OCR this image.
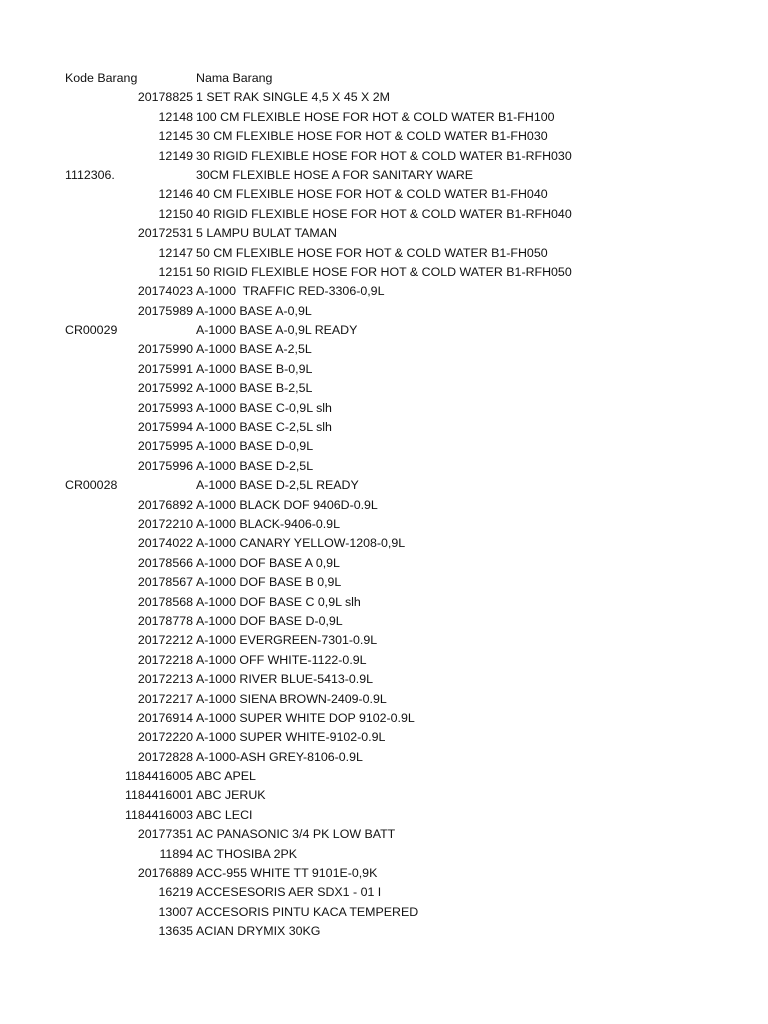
Kode Barang	Nama Barang
20178825 1 SET RAK SINGLE 4,5 X 45 X 2M
12148 100 CM FLEXIBLE HOSE FOR HOT & COLD WATER B1-FH100
12145 30 CM FLEXIBLE HOSE FOR HOT & COLD WATER B1-FH030
12149 30 RIGID FLEXIBLE HOSE FOR HOT & COLD WATER B1-RFH030
1112306.	30CM FLEXIBLE HOSE A FOR SANITARY WARE
12146 40 CM FLEXIBLE HOSE FOR HOT & COLD WATER B1-FH040
12150 40 RIGID FLEXIBLE HOSE FOR HOT & COLD WATER B1-RFH040
20172531 5 LAMPU BULAT TAMAN
12147 50 CM FLEXIBLE HOSE FOR HOT & COLD WATER B1-FH050
12151 50 RIGID FLEXIBLE HOSE FOR HOT & COLD WATER B1-RFH050
20174023 A-1000  TRAFFIC RED-3306-0,9L
20175989 A-1000 BASE A-0,9L
CR00029	A-1000 BASE A-0,9L READY
20175990 A-1000 BASE A-2,5L
20175991 A-1000 BASE B-0,9L
20175992 A-1000 BASE B-2,5L
20175993 A-1000 BASE C-0,9L slh
20175994 A-1000 BASE C-2,5L slh
20175995 A-1000 BASE D-0,9L
20175996 A-1000 BASE D-2,5L
CR00028	A-1000 BASE D-2,5L READY
20176892 A-1000 BLACK DOF 9406D-0.9L
20172210 A-1000 BLACK-9406-0.9L
20174022 A-1000 CANARY YELLOW-1208-0,9L
20178566 A-1000 DOF BASE A 0,9L
20178567 A-1000 DOF BASE B 0,9L
20178568 A-1000 DOF BASE C 0,9L slh
20178778 A-1000 DOF BASE D-0,9L
20172212 A-1000 EVERGREEN-7301-0.9L
20172218 A-1000 OFF WHITE-1122-0.9L
20172213 A-1000 RIVER BLUE-5413-0.9L
20172217 A-1000 SIENA BROWN-2409-0.9L
20176914 A-1000 SUPER WHITE DOP 9102-0.9L
20172220 A-1000 SUPER WHITE-9102-0.9L
20172828 A-1000-ASH GREY-8106-0.9L
1184416005 ABC APEL
1184416001 ABC JERUK
1184416003 ABC LECI
20177351 AC PANASONIC 3/4 PK LOW BATT
11894 AC THOSIBA 2PK
20176889 ACC-955 WHITE TT 9101E-0,9K
16219 ACCESESORIS AER SDX1 - 01 I
13007 ACCESORIS PINTU KACA TEMPERED
13635 ACIAN DRYMIX 30KG
